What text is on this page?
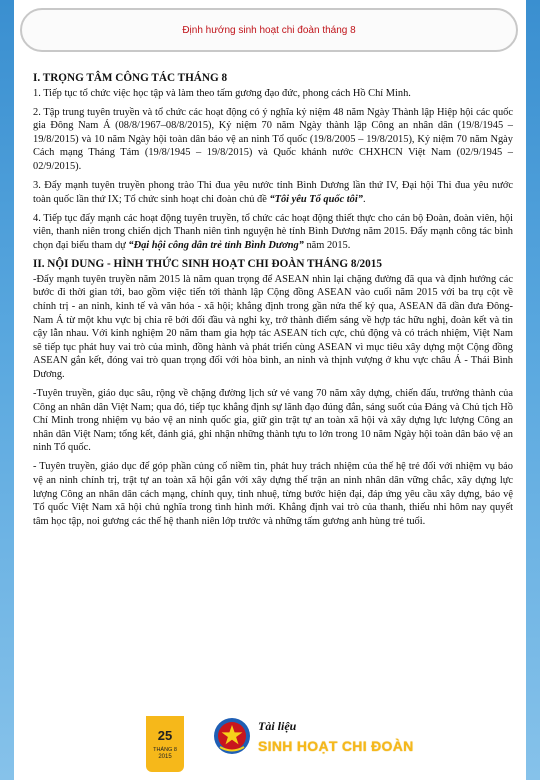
Định hướng sinh hoạt chi đoàn tháng 8
I. TRỌNG TÂM CÔNG TÁC THÁNG 8

1. Tiếp tục tổ chức việc học tập và làm theo tấm gương đạo đức, phong cách Hồ Chí Minh.

2. Tập trung tuyên truyền và tổ chức các hoạt động có ý nghĩa kỷ niệm 48 năm Ngày Thành lập Hiệp hội các quốc gia Đông Nam Á (08/8/1967–08/8/2015), Kỷ niệm 70 năm Ngày thành lập Công an nhân dân (19/8/1945 – 19/8/2015) và 10 năm Ngày hội toàn dân bảo vệ an ninh Tổ quốc (19/8/2005 – 19/8/2015), Kỷ niệm 70 năm Ngày Cách mạng Tháng Tám (19/8/1945 – 19/8/2015) và Quốc khánh nước CHXHCN Việt Nam (02/9/1945 – 02/9/2015).

3. Đẩy mạnh tuyên truyền phong trào Thi đua yêu nước tỉnh Bình Dương lần thứ IV, Đại hội Thi đua yêu nước toàn quốc lần thứ IX; Tổ chức sinh hoạt chi đoàn chủ đề “Tôi yêu Tổ quốc tôi”.

4. Tiếp tục đẩy mạnh các hoạt động tuyên truyền, tổ chức các hoạt động thiết thực cho cán bộ Đoàn, đoàn viên, hội viên, thanh niên trong chiến dịch Thanh niên tình nguyện hè tỉnh Bình Dương năm 2015. Đẩy mạnh công tác bình chọn đại biểu tham dự “Đại hội công dân trẻ tỉnh Bình Dương” năm 2015.

II. NỘI DUNG - HÌNH THỨC SINH HOẠT CHI ĐOÀN THÁNG 8/2015

-Đẩy mạnh tuyên truyền năm 2015 là năm quan trọng để ASEAN nhìn lại chặng đường đã qua và định hướng các bước đi thời gian tới, bao gồm việc tiến tới thành lập Cộng đồng ASEAN vào cuối năm 2015 với ba trụ cột về chính trị - an ninh, kinh tế và văn hóa - xã hội; khẳng định trong gần nửa thế kỷ qua, ASEAN đã dần đưa Đông-Nam Á từ một khu vực bị chia rẽ bởi đối đầu và nghi kỵ, trở thành điểm sáng về hợp tác hữu nghị, đoàn kết và tin cậy lẫn nhau. Với kinh nghiệm 20 năm tham gia hợp tác ASEAN tích cực, chủ động và có trách nhiệm, Việt Nam sẽ tiếp tục phát huy vai trò của mình, đồng hành và phát triển cùng ASEAN vì mục tiêu xây dựng một Cộng đồng ASEAN gắn kết, đóng vai trò quan trọng đối với hòa bình, an ninh và thịnh vượng ở khu vực châu Á - Thái Bình Dương.

-Tuyên truyền, giáo dục sâu, rộng về chặng đường lịch sử vẻ vang 70 năm xây dựng, chiến đấu, trưởng thành của Công an nhân dân Việt Nam; qua đó, tiếp tục khẳng định sự lãnh đạo đúng đắn, sáng suốt của Đảng và Chủ tịch Hồ Chí Minh trong nhiệm vụ bảo vệ an ninh quốc gia, giữ gìn trật tự an toàn xã hội và xây dựng lực lượng Công an nhân dân Việt Nam; tổng kết, đánh giá, ghi nhận những thành tựu to lớn trong 10 năm Ngày hội toàn dân bảo vệ an ninh Tổ quốc.

- Tuyên truyền, giáo dục để góp phần củng cố niềm tin, phát huy trách nhiệm của thế hệ trẻ đối với nhiệm vụ bảo vệ an ninh chính trị, trật tự an toàn xã hội gắn với xây dựng thế trận an ninh nhân dân vững chắc, xây dựng lực lượng Công an nhân dân cách mạng, chính quy, tinh nhuệ, từng bước hiện đại, đáp ứng yêu cầu xây dựng, bảo vệ Tổ quốc Việt Nam xã hội chủ nghĩa trong tình hình mới. Khẳng định vai trò của thanh, thiếu nhi hôm nay quyết tâm học tập, noi gương các thế hệ thanh niên lớp trước và những tấm gương anh hùng trẻ tuổi.

25
THÁNG 8
2015
Tài liệu
SINH HOẠT CHI ĐOÀN
